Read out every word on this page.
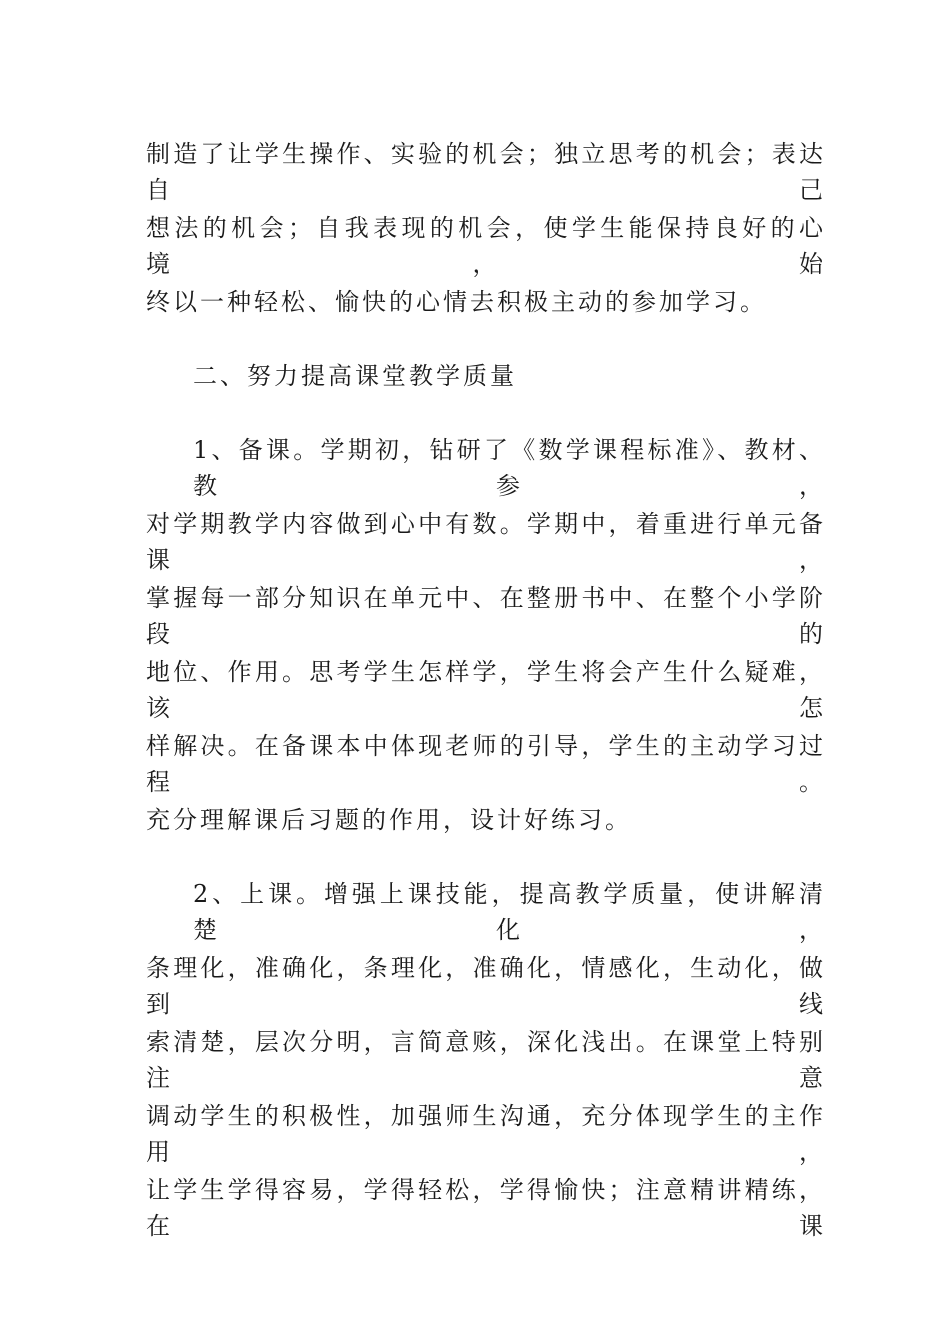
制造了让学生操作、实验的机会；独立思考的机会；表达自己
想法的机会；自我表现的机会，使学生能保持良好的心境，始
终以一种轻松、愉快的心情去积极主动的参加学习。
二、努力提高课堂教学质量
1、备课。学期初，钻研了《数学课程标准》、教材、教参，
对学期教学内容做到心中有数。学期中，着重进行单元备课，
掌握每一部分知识在单元中、在整册书中、在整个小学阶段的
地位、作用。思考学生怎样学，学生将会产生什么疑难，该怎
样解决。在备课本中体现老师的引导，学生的主动学习过程。
充分理解课后习题的作用，设计好练习。
2、上课。增强上课技能，提高教学质量，使讲解清楚化，
条理化，准确化，条理化，准确化，情感化，生动化，做到线
索清楚，层次分明，言简意赅，深化浅出。在课堂上特别注意
调动学生的积极性，加强师生沟通，充分体现学生的主作用，
让学生学得容易，学得轻松，学得愉快；注意精讲精练，在课
